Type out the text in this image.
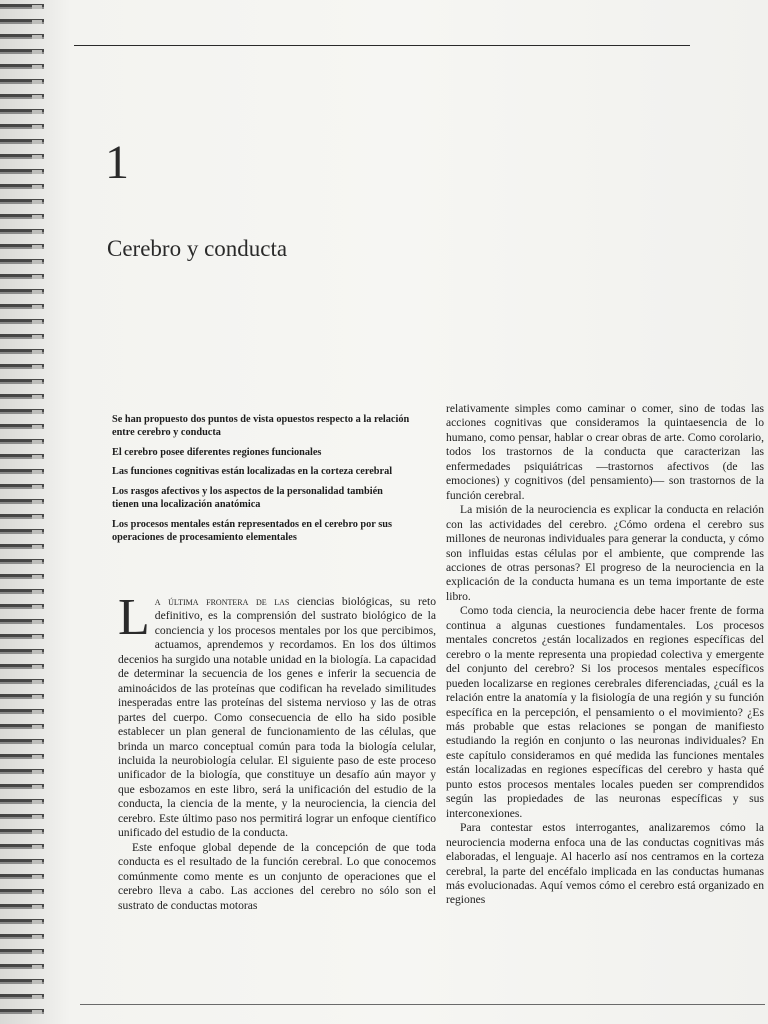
1
Cerebro y conducta
Se han propuesto dos puntos de vista opuestos respecto a la relación entre cerebro y conducta
El cerebro posee diferentes regiones funcionales
Las funciones cognitivas están localizadas en la corteza cerebral
Los rasgos afectivos y los aspectos de la personalidad también tienen una localización anatómica
Los procesos mentales están representados en el cerebro por sus operaciones de procesamiento elementales

La última frontera de las ciencias biológicas, su reto definitivo, es la comprensión del sustrato biológico de la conciencia y los procesos mentales por los que percibimos, actuamos, aprendemos y recordamos. En los dos últimos decenios ha surgido una notable unidad en la biología. La capacidad de determinar la secuencia de los genes e inferir la secuencia de aminoácidos de las proteínas que codifican ha revelado similitudes inesperadas entre las proteínas del sistema nervioso y las de otras partes del cuerpo. Como consecuencia de ello ha sido posible establecer un plan general de funcionamiento de las células, que brinda un marco conceptual común para toda la biología celular, incluida la neurobiología celular. El siguiente paso de este proceso unificador de la biología, que constituye un desafío aún mayor y que esbozamos en este libro, será la unificación del estudio de la conducta, la ciencia de la mente, y la neurociencia, la ciencia del cerebro. Este último paso nos permitirá lograr un enfoque científico unificado del estudio de la conducta.

Este enfoque global depende de la concepción de que toda conducta es el resultado de la función cerebral. Lo que conocemos comúnmente como mente es un conjunto de operaciones que el cerebro lleva a cabo. Las acciones del cerebro no sólo son el sustrato de conductas motoras

relativamente simples como caminar o comer, sino de todas las acciones cognitivas que consideramos la quintaesencia de lo humano, como pensar, hablar o crear obras de arte. Como corolario, todos los trastornos de la conducta que caracterizan las enfermedades psiquiátricas —trastornos afectivos (de las emociones) y cognitivos (del pensamiento)— son trastornos de la función cerebral.

La misión de la neurociencia es explicar la conducta en relación con las actividades del cerebro. ¿Cómo ordena el cerebro sus millones de neuronas individuales para generar la conducta, y cómo son influidas estas células por el ambiente, que comprende las acciones de otras personas? El progreso de la neurociencia en la explicación de la conducta humana es un tema importante de este libro.

Como toda ciencia, la neurociencia debe hacer frente de forma continua a algunas cuestiones fundamentales. Los procesos mentales concretos ¿están localizados en regiones específicas del cerebro o la mente representa una propiedad colectiva y emergente del conjunto del cerebro? Si los procesos mentales específicos pueden localizarse en regiones cerebrales diferenciadas, ¿cuál es la relación entre la anatomía y la fisiología de una región y su función específica en la percepción, el pensamiento o el movimiento? ¿Es más probable que estas relaciones se pongan de manifiesto estudiando la región en conjunto o las neuronas individuales? En este capítulo consideramos en qué medida las funciones mentales están localizadas en regiones específicas del cerebro y hasta qué punto estos procesos mentales locales pueden ser comprendidos según las propiedades de las neuronas específicas y sus interconexiones.

Para contestar estos interrogantes, analizaremos cómo la neurociencia moderna enfoca una de las conductas cognitivas más elaboradas, el lenguaje. Al hacerlo así nos centramos en la corteza cerebral, la parte del encéfalo implicada en las conductas humanas más evolucionadas. Aquí vemos cómo el cerebro está organizado en regiones
